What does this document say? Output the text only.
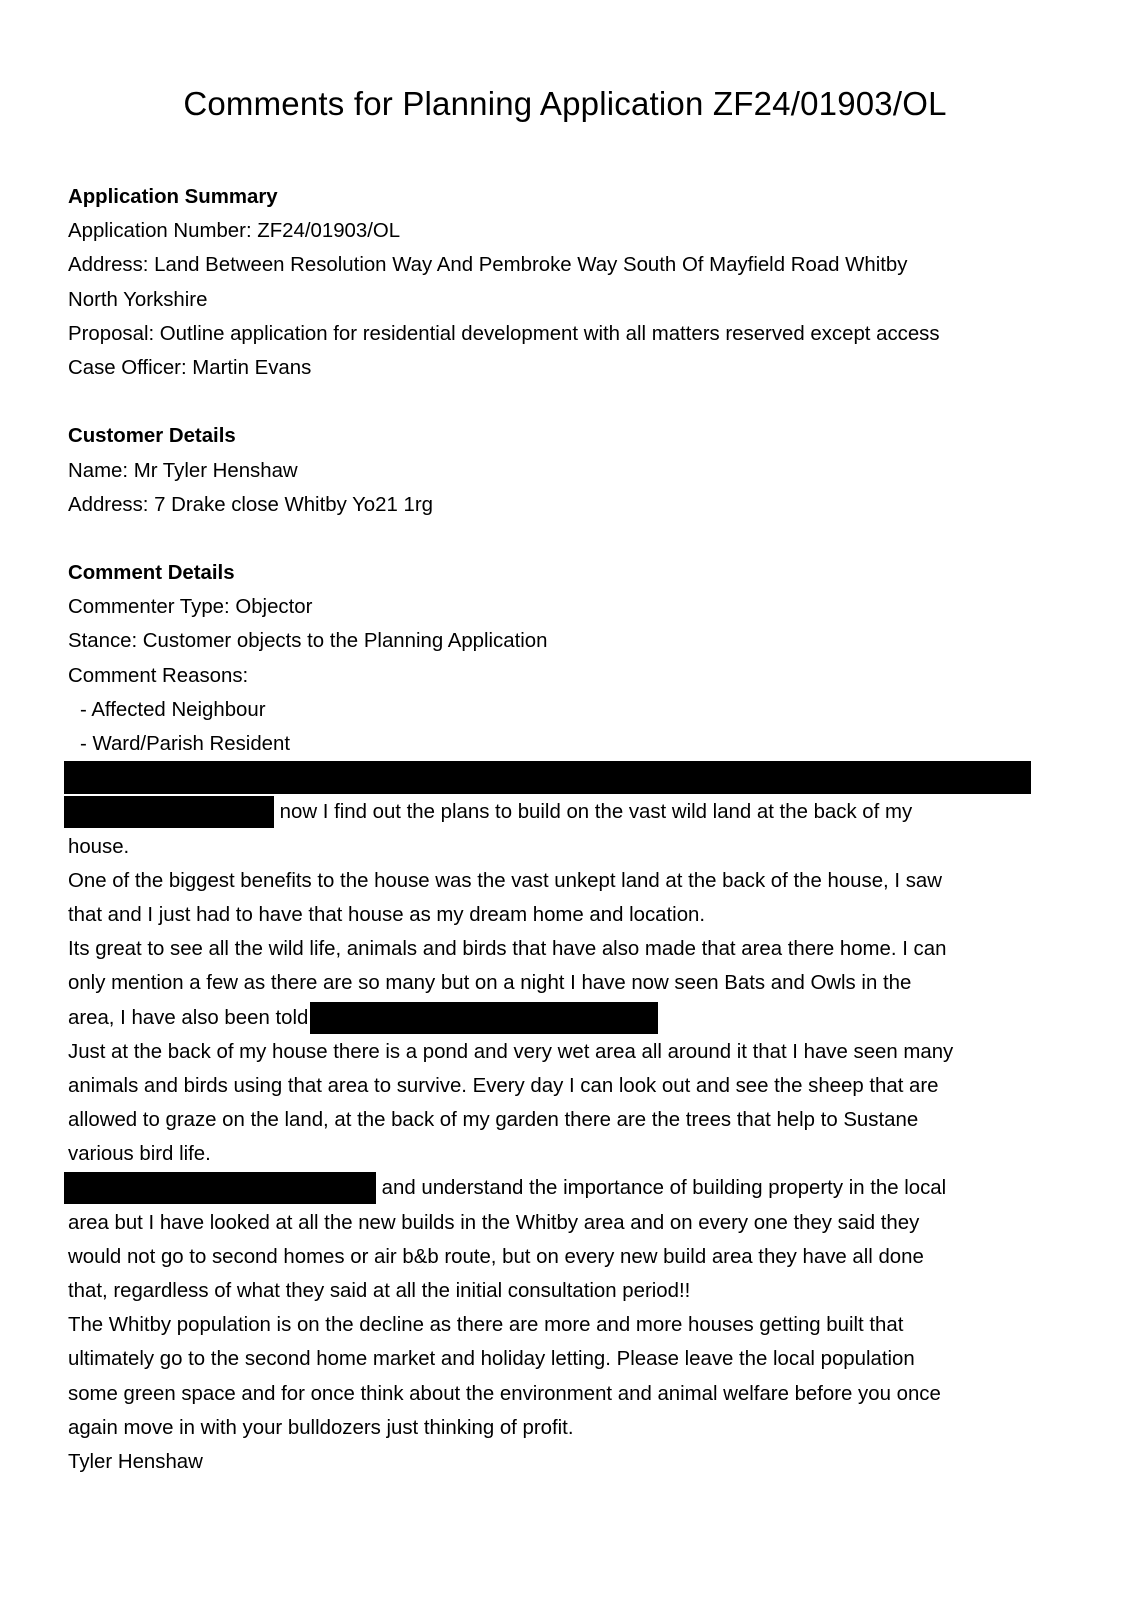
Comments for Planning Application ZF24/01903/OL
Application Summary
Application Number: ZF24/01903/OL
Address: Land Between Resolution Way And Pembroke Way South Of Mayfield Road Whitby
North Yorkshire
Proposal: Outline application for residential development with all matters reserved except access
Case Officer: Martin Evans
Customer Details
Name: Mr Tyler Henshaw
Address: 7 Drake close Whitby Yo21 1rg
Comment Details
Commenter Type: Objector
Stance: Customer objects to the Planning Application
Comment Reasons:
- Affected Neighbour
- Ward/Parish Resident
now I find out the plans to build on the vast wild land at the back of my
house.
One of the biggest benefits to the house was the vast unkept land at the back of the house, I saw
that and I just had to have that house as my dream home and location.
Its great to see all the wild life, animals and birds that have also made that area there home. I can
only mention a few as there are so many but on a night I have now seen Bats and Owls in the
area, I have also been told
Just at the back of my house there is a pond and very wet area all around it that I have seen many
animals and birds using that area to survive. Every day I can look out and see the sheep that are
allowed to graze on the land, at the back of my garden there are the trees that help to Sustane
various bird life.
and understand the importance of building property in the local
area but I have looked at all the new builds in the Whitby area and on every one they said they
would not go to second homes or air b&b route, but on every new build area they have all done
that, regardless of what they said at all the initial consultation period!!
The Whitby population is on the decline as there are more and more houses getting built that
ultimately go to the second home market and holiday letting. Please leave the local population
some green space and for once think about the environment and animal welfare before you once
again move in with your bulldozers just thinking of profit.
Tyler Henshaw
